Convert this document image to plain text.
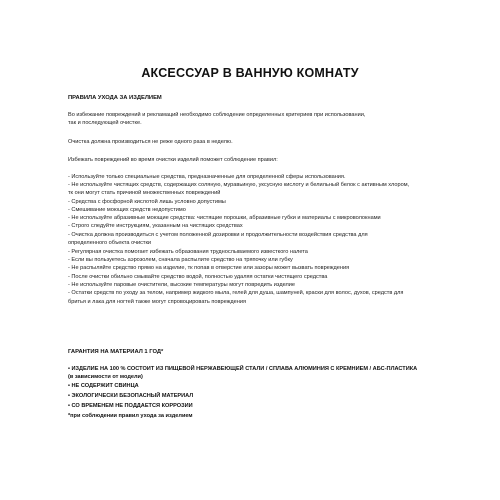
АКСЕССУАР В ВАННУЮ КОМНАТУ
ПРАВИЛА УХОДА ЗА ИЗДЕЛИЕМ
Во избежание повреждений и рекламаций необходимо соблюдение определенных критериев при использовании,
так и последующей очистке.
Очистка должна производиться не реже одного раза в неделю.
Избежать повреждений во время очистки изделий поможет соблюдение правил:
- Используйте только специальные средства, предназначенные для определенной сферы использования.
- Не используйте чистящих средств, содержащих соляную, муравьиную, уксусную кислоту и белильный белок с активным хлором,
тк они могут стать причиной множественных повреждений
- Средства с фосфорной кислотой лишь условно допустимы
- Смешивание моющих средств недопустимо
- Не используйте абразивные моющие средства: чистящие порошки, абразивные губки и материалы с микроволокнами
- Строго следуйте инструкциям, указанным на чистящих средствах
- Очистка должна производиться с учетом положенной дозировки и продолжительности воздействия средства для
определенного объекта очистки
- Регулярная очистка помогает избежать образования труднослываемого известкого налета
- Если вы пользуетесь аэрозолем, сначала распылите средство на тряпочку или губку
- Не распыляйте средство прямо на изделие, тк попав в отверстие или зазоры может вызвать повреждения
- После очистки обильно смывайте средство водой, полностью удаляя остатки чистящего средства
- Не используйте паровые очистители, высокие температуры могут повредить изделие
- Остатки средств по уходу за телом, например жидкого мыла, гелей для душа, шампуней, краски для волос, духов, средств для
бритья и лака для ногтей также могут спровоцировать повреждения
ГАРАНТИЯ НА МАТЕРИАЛ 1 ГОД*
• ИЗДЕЛИЕ НА 100 % СОСТОИТ ИЗ ПИЩЕВОЙ НЕРЖАВЕЮЩЕЙ СТАЛИ / СПЛАВА АЛЮМИНИЯ С КРЕМНИЕМ / АБС-ПЛАСТИКА
(в зависимости от модели)
• НЕ СОДЕРЖИТ СВИНЦА
• ЭКОЛОГИЧЕСКИ БЕЗОПАСНЫЙ МАТЕРИАЛ
• СО ВРЕМЕНЕМ НЕ ПОДДАЕТСЯ КОРРОЗИИ
*при соблюдении правил ухода за изделием
